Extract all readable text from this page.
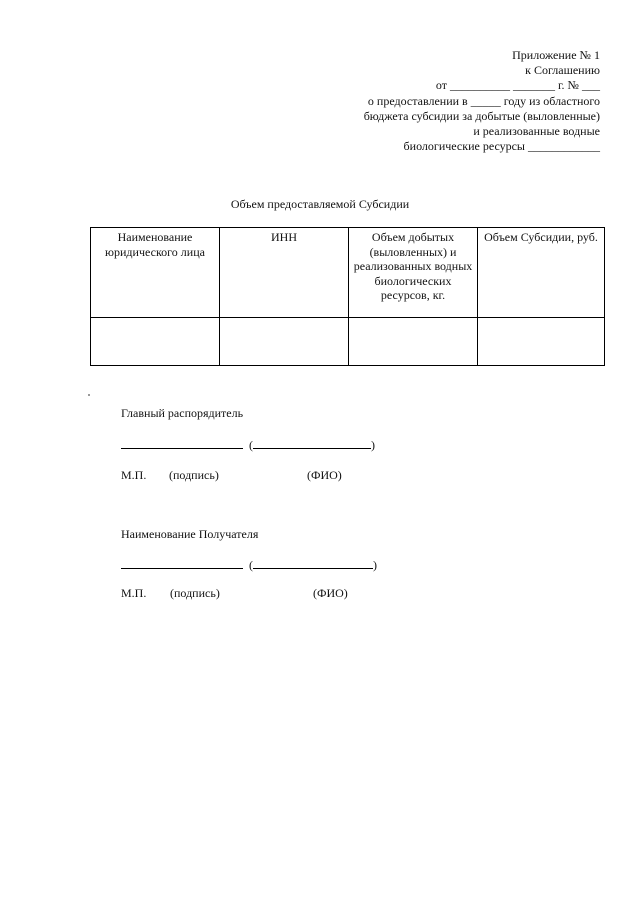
Приложение № 1
к Соглашению
от __________ _______ г. № ___
о предоставлении в _____ году из областного
бюджета субсидии за добытые (выловленные)
и реализованные водные
биологические ресурсы ____________
Объем предоставляемой Субсидии
Наименование юридического лица	ИНН	Объем добытых (выловленных) и реализованных водных биологических ресурсов, кг.	Объем Субсидии, руб.

Главный распорядитель
(	)
М.П. (подпись)	(ФИО)
Наименование Получателя
(	)
М.П. (подпись)	(ФИО)
